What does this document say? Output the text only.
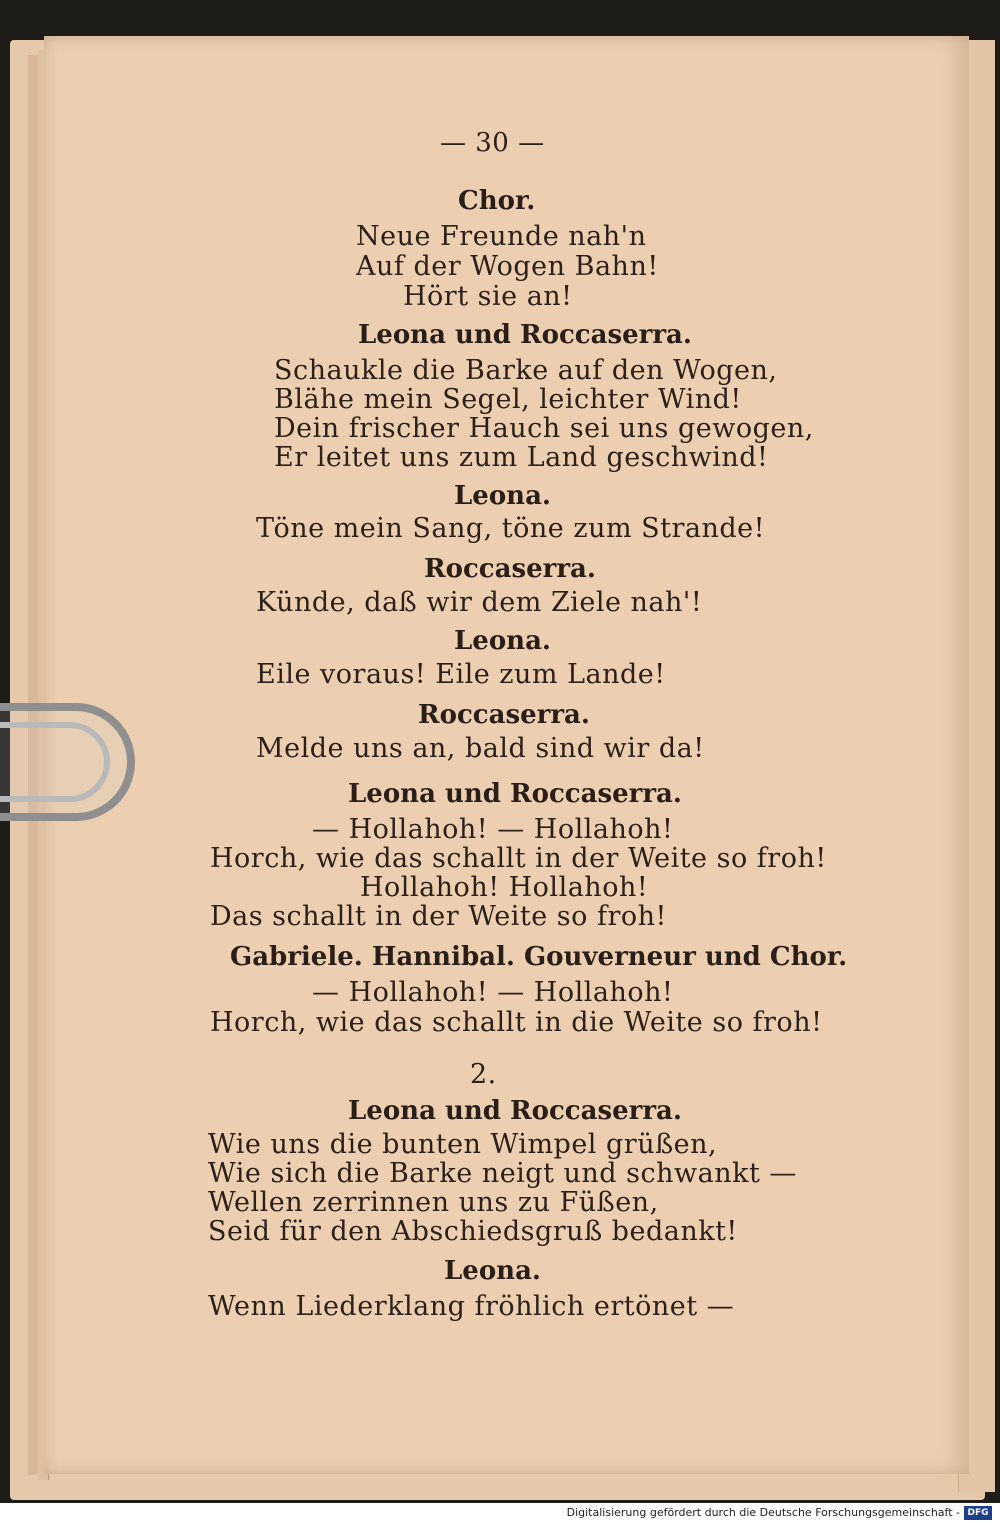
— 30 —
Chor.
Neue Freunde nah'n
Auf der Wogen Bahn!
Hört sie an!
Leona und Roccaserra.
Schaukle die Barke auf den Wogen,
Blähe mein Segel, leichter Wind!
Dein frischer Hauch sei uns gewogen,
Er leitet uns zum Land geschwind!
Leona.
Töne mein Sang, töne zum Strande!
Roccaserra.
Künde, daß wir dem Ziele nah'!
Leona.
Eile voraus! Eile zum Lande!
Roccaserra.
Melde uns an, bald sind wir da!
Leona und Roccaserra.
— Hollahoh! — Hollahoh!
Horch, wie das schallt in der Weite so froh!
Hollahoh! Hollahoh!
Das schallt in der Weite so froh!
Gabriele. Hannibal. Gouverneur und Chor.
— Hollahoh! — Hollahoh!
Horch, wie das schallt in die Weite so froh!
2.
Leona und Roccaserra.
Wie uns die bunten Wimpel grüßen,
Wie sich die Barke neigt und schwankt —
Wellen zerrinnen uns zu Füßen,
Seid für den Abschiedsgruß bedankt!
Leona.
Wenn Liederklang fröhlich ertönet —
Digitalisierung gefördert durch die Deutsche Forschungsgemeinschaft - DFG
